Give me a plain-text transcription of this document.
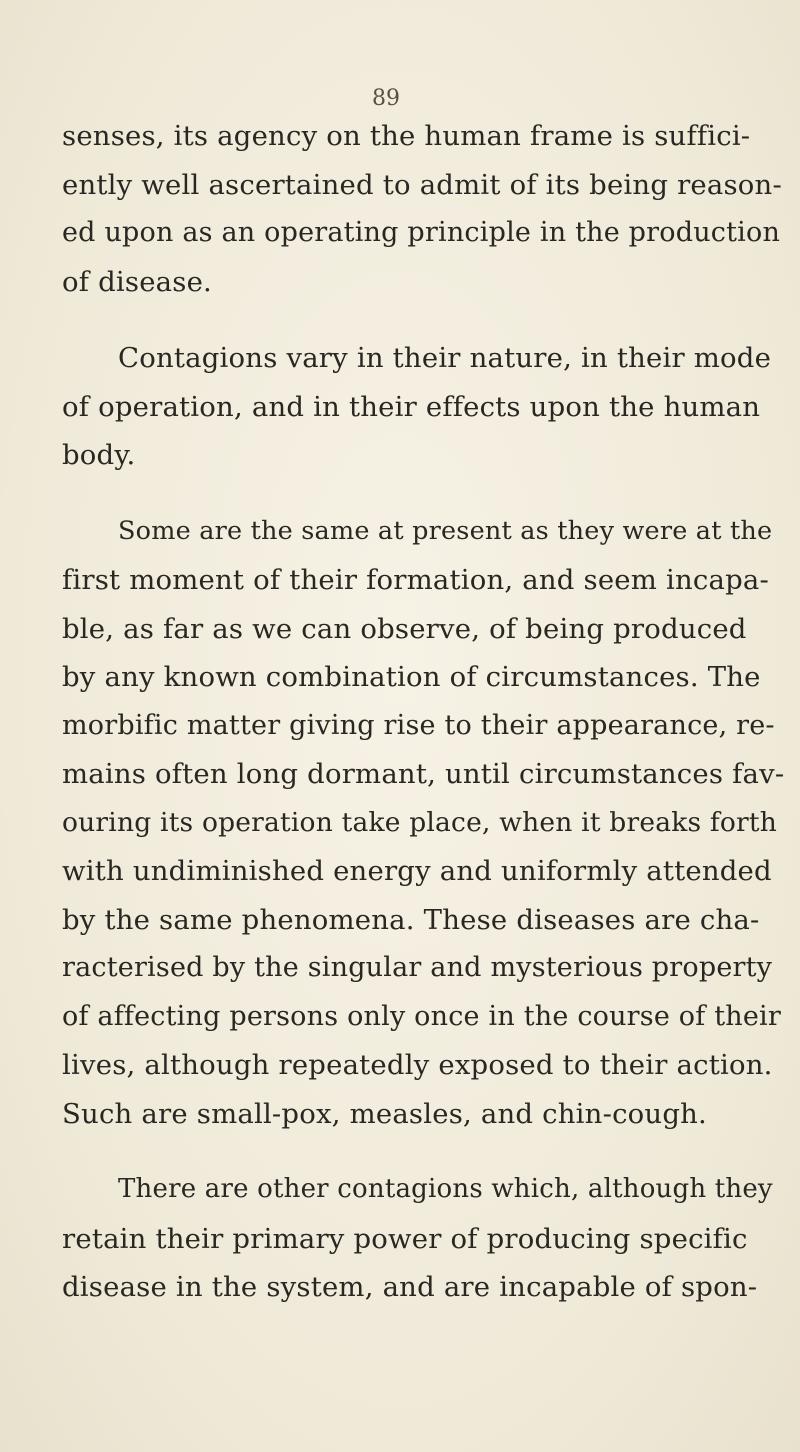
89
senses, its agency on the human frame is suffici-
ently well ascertained to admit of its being reason-
ed upon as an operating principle in the production
of disease.
Contagions vary in their nature, in their mode
of operation, and in their effects upon the human
body.
Some are the same at present as they were at the
first moment of their formation, and seem incapa-
ble, as far as we can observe, of being produced
by any known combination of circumstances. The
morbific matter giving rise to their appearance, re-
mains often long dormant, until circumstances fav-
ouring its operation take place, when it breaks forth
with undiminished energy and uniformly attended
by the same phenomena. These diseases are cha-
racterised by the singular and mysterious property
of affecting persons only once in the course of their
lives, although repeatedly exposed to their action.
Such are small-pox, measles, and chin-cough.
There are other contagions which, although they
retain their primary power of producing specific
disease in the system, and are incapable of spon-
